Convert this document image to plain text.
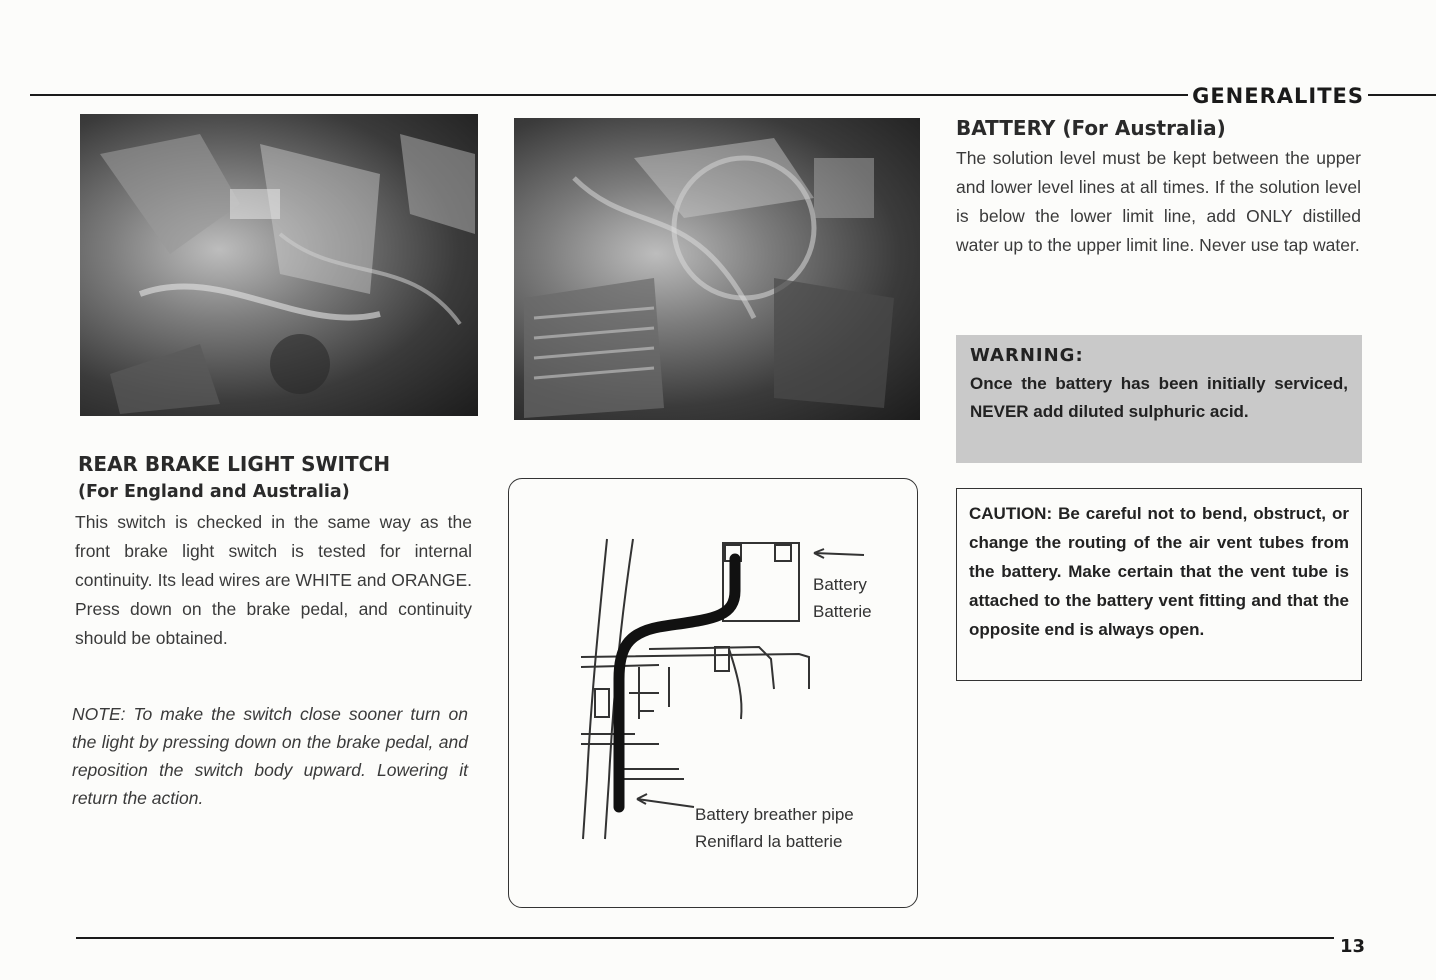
GENERALITES
REAR BRAKE LIGHT SWITCH
(For England and Australia)

This switch is checked in the same way as the front brake light switch is tested for internal continuity. Its lead wires are WHITE and ORANGE. Press down on the brake pedal, and continuity should be obtained.

NOTE: To make the switch close sooner turn on the light by pressing down on the brake pedal, and reposition the switch body upward. Lowering it return the action.

Battery
Batterie

Battery breather pipe
Reniflard la batterie

BATTERY (For Australia)

The solution level must be kept between the upper and lower level lines at all times. If the solution level is below the lower limit line, add ONLY distilled water up to the upper limit line. Never use tap water.

WARNING:

Once the battery has been initially serviced, NEVER add diluted sulphuric acid.

CAUTION: Be careful not to bend, obstruct, or change the routing of the air vent tubes from the battery. Make certain that the vent tube is attached to the battery vent fitting and that the opposite end is always open.

13
